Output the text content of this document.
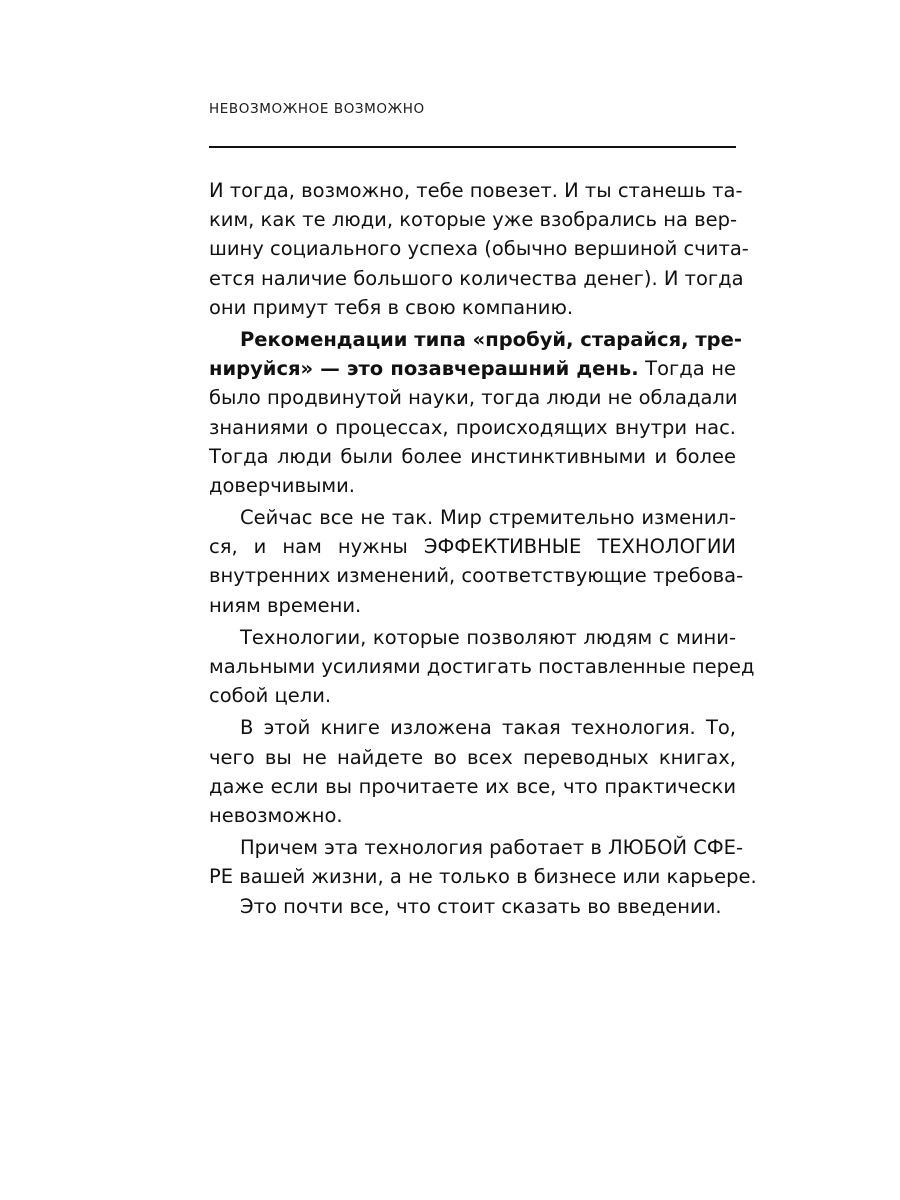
НЕВОЗМОЖНОЕ ВОЗМОЖНО
И тогда, возможно, тебе повезет. И ты станешь та-
ким, как те люди, которые уже взобрались на вер-
шину социального успеха (обычно вершиной счита-
ется наличие большого количества денег). И тогда
они примут тебя в свою компанию.
Рекомендации типа «пробуй, старайся, тре-
нируйся» — это позавчерашний день. Тогда не
было продвинутой науки, тогда люди не обладали
знаниями о процессах, происходящих внутри нас.
Тогда люди были более инстинктивными и более
доверчивыми.
Сейчас все не так. Мир стремительно изменил-
ся, и нам нужны ЭФФЕКТИВНЫЕ ТЕХНОЛОГИИ
внутренних изменений, соответствующие требова-
ниям времени.
Технологии, которые позволяют людям с мини-
мальными усилиями достигать поставленные перед
собой цели.
В этой книге изложена такая технология. То,
чего вы не найдете во всех переводных книгах,
даже если вы прочитаете их все, что практически
невозможно.
Причем эта технология работает в ЛЮБОЙ СФЕ-
РЕ вашей жизни, а не только в бизнесе или карьере.
Это почти все, что стоит сказать во введении.
